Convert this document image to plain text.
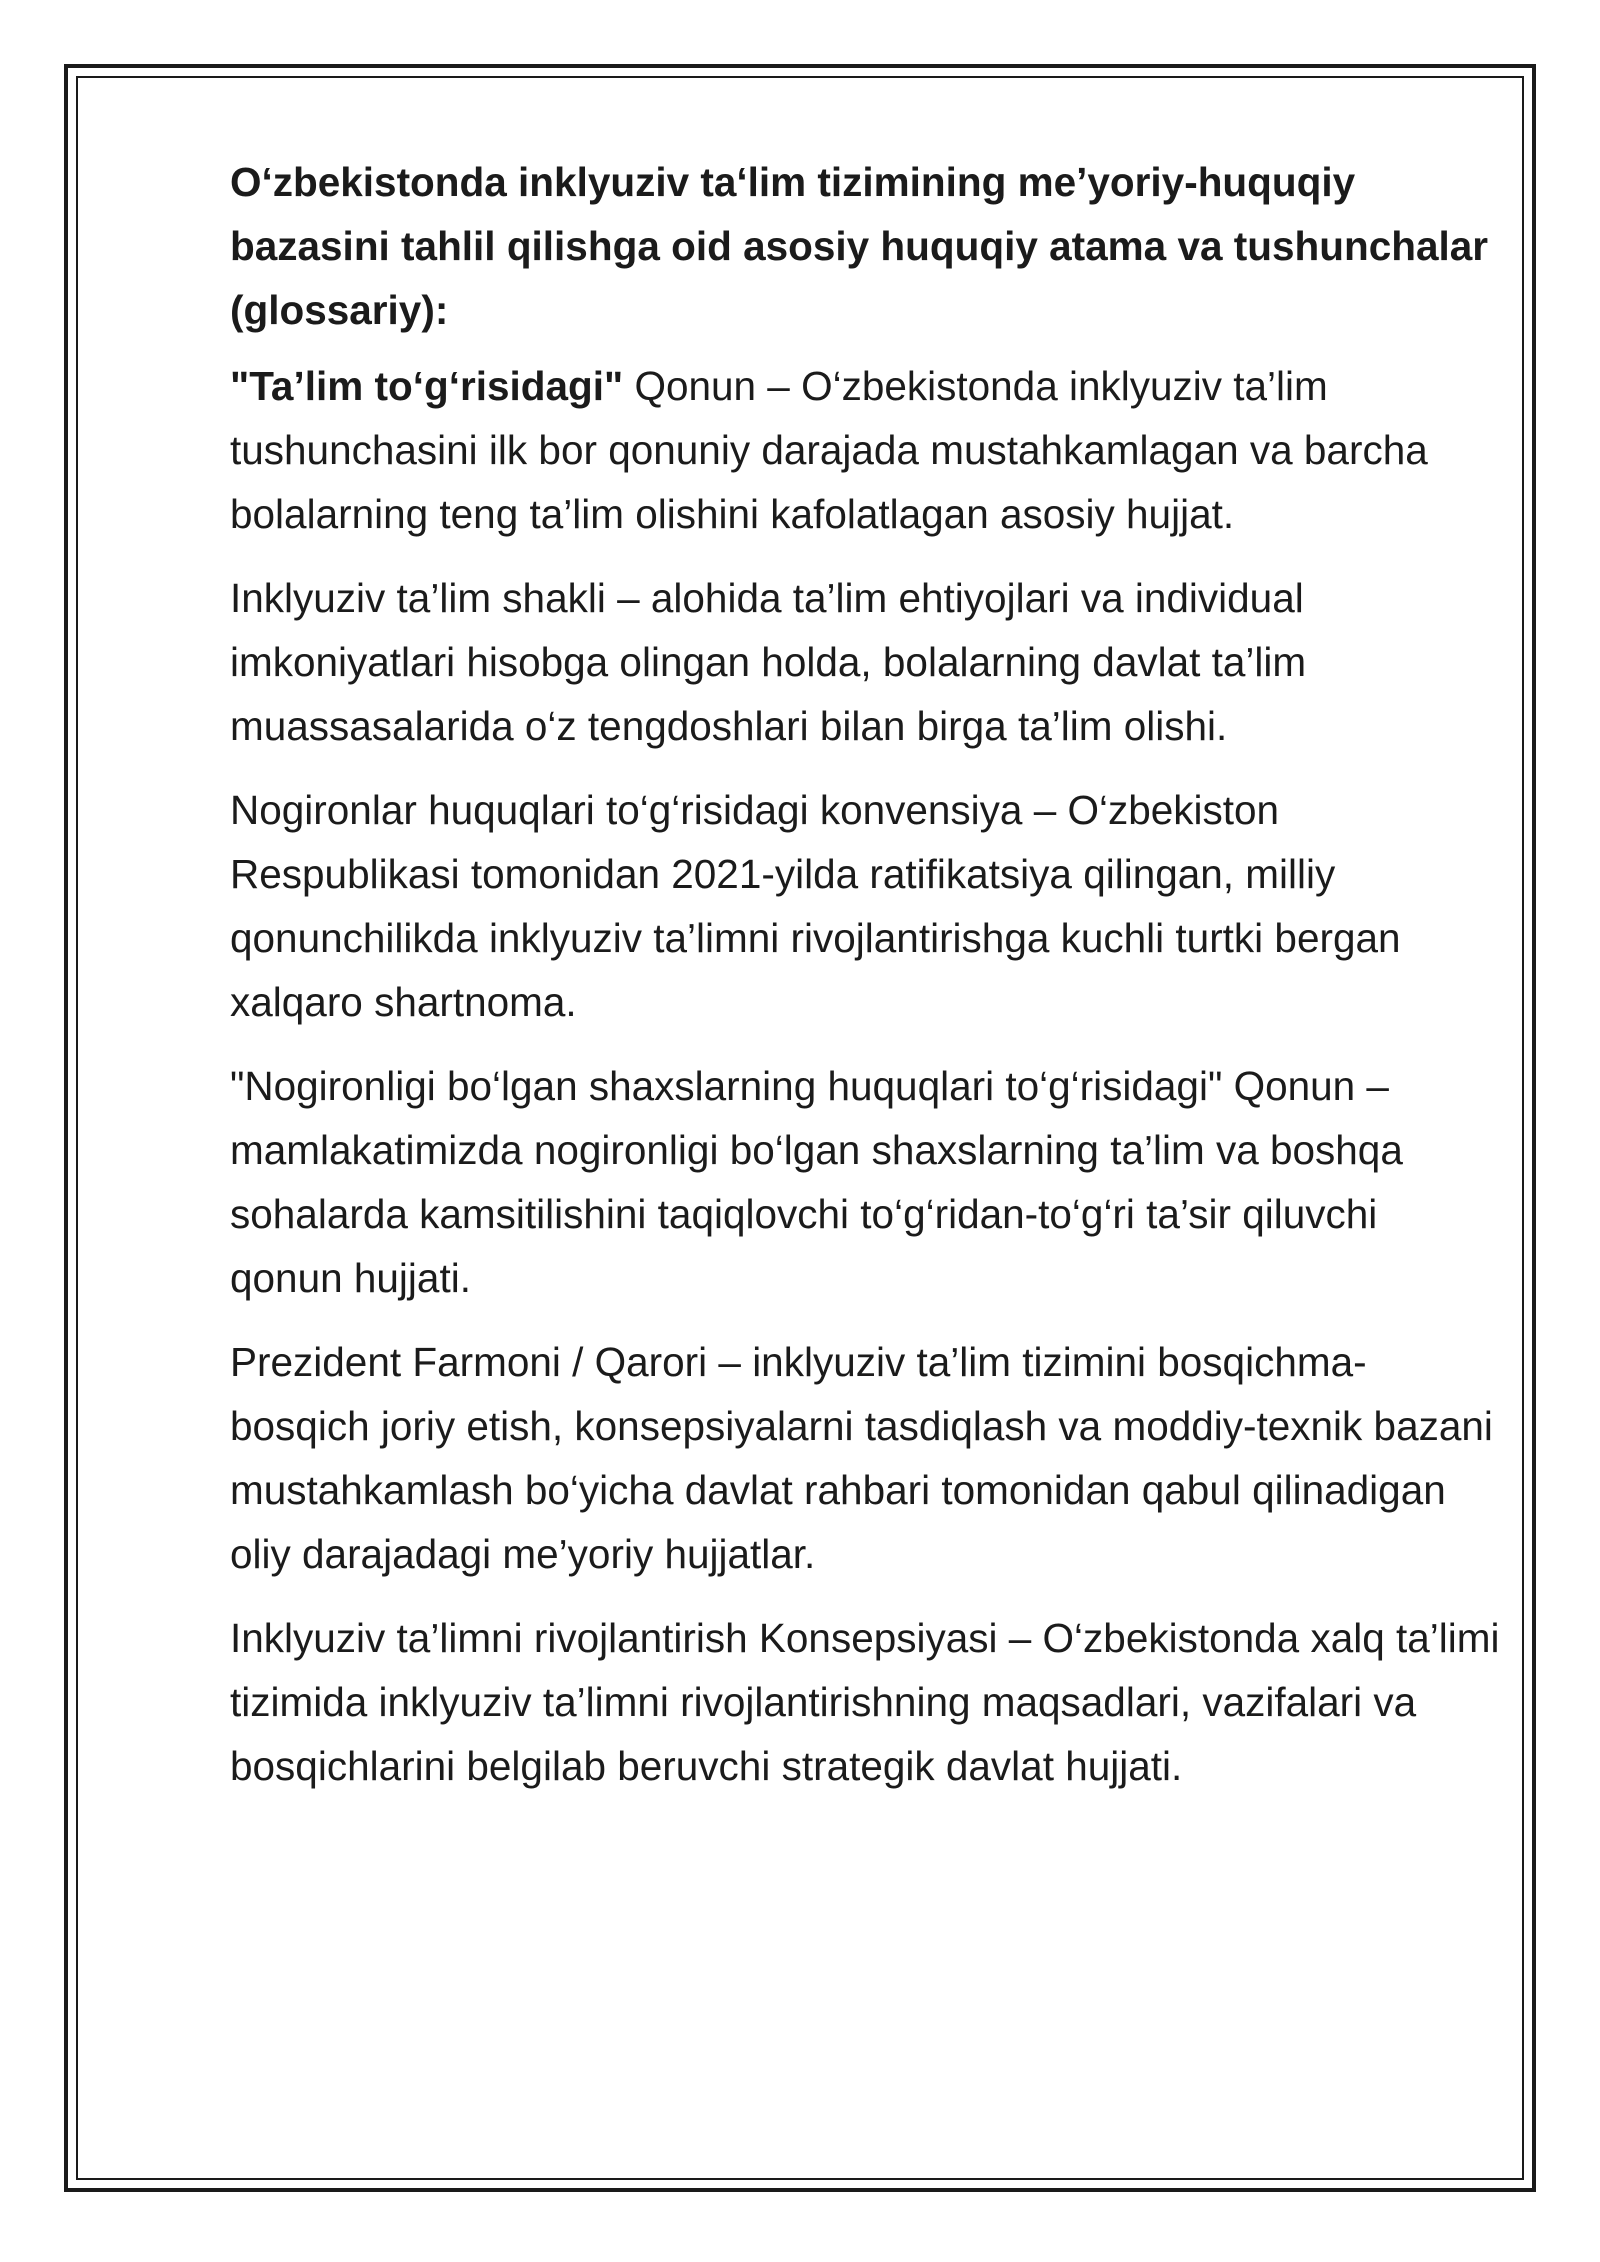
O‘zbekistonda inklyuziv ta‘lim tizimining me’yoriy-huquqiy bazasini tahlil qilishga oid asosiy huquqiy atama va tushunchalar (glossariy):

"Ta’lim to‘g‘risidagi" Qonun – O‘zbekistonda inklyuziv ta’lim tushunchasini ilk bor qonuniy darajada mustahkamlagan va barcha bolalarning teng ta’lim olishini kafolatlagan asosiy hujjat.

Inklyuziv ta’lim shakli – alohida ta’lim ehtiyojlari va individual imkoniyatlari hisobga olingan holda, bolalarning davlat ta’lim muassasalarida o‘z tengdoshlari bilan birga ta’lim olishi.

Nogironlar huquqlari to‘g‘risidagi konvensiya – O‘zbekiston Respublikasi tomonidan 2021-yilda ratifikatsiya qilingan, milliy qonunchilikda inklyuziv ta’limni rivojlantirishga kuchli turtki bergan xalqaro shartnoma.

"Nogironligi bo‘lgan shaxslarning huquqlari to‘g‘risidagi" Qonun – mamlakatimizda nogironligi bo‘lgan shaxslarning ta’lim va boshqa sohalarda kamsitilishini taqiqlovchi to‘g‘ridan-to‘g‘ri ta’sir qiluvchi qonun hujjati.

Prezident Farmoni / Qarori – inklyuziv ta’lim tizimini bosqichma-bosqich joriy etish, konsepsiyalarni tasdiqlash va moddiy-texnik bazani mustahkamlash bo‘yicha davlat rahbari tomonidan qabul qilinadigan oliy darajadagi me’yoriy hujjatlar.

Inklyuziv ta’limni rivojlantirish Konsepsiyasi – O‘zbekistonda xalq ta’limi tizimida inklyuziv ta’limni rivojlantirishning maqsadlari, vazifalari va bosqichlarini belgilab beruvchi strategik davlat hujjati.
